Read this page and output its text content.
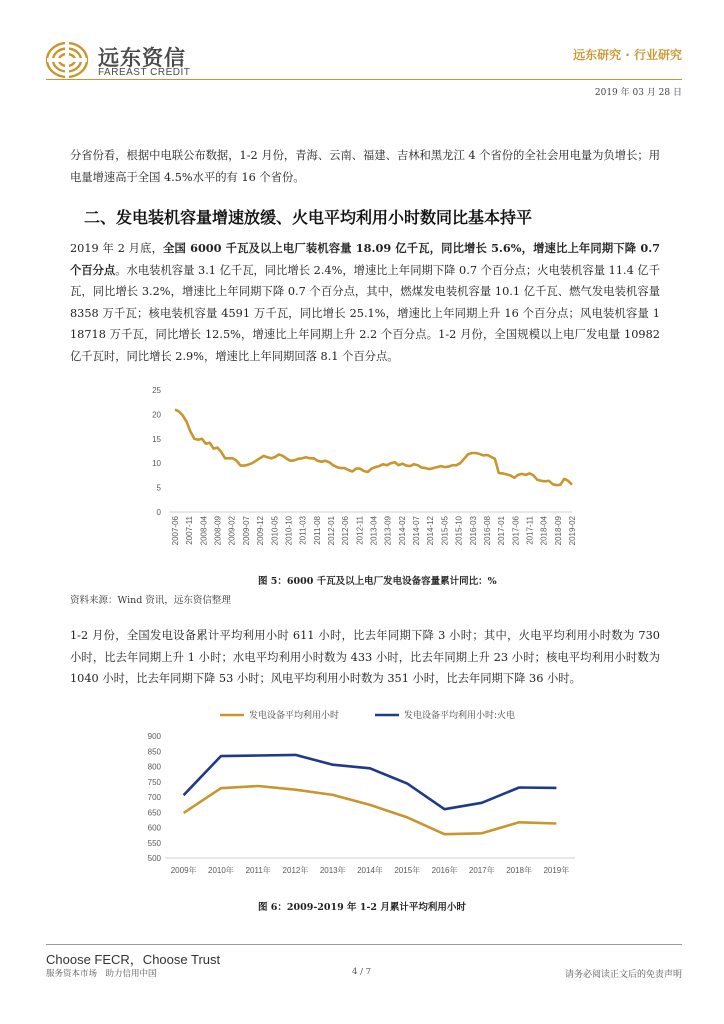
远东资信
FAREAST CREDIT
远东研究 · 行业研究
2019 年 03 月 28 日
分省份看，根据中电联公布数据，1-2 月份，青海、云南、福建、吉林和黑龙江 4 个省份的全社会用电量为负增长；用电量增速高于全国 4.5%水平的有 16 个省份。
二、发电装机容量增速放缓、火电平均利用小时数同比基本持平
2019 年 2 月底，全国 6000 千瓦及以上电厂装机容量 18.09 亿千瓦，同比增长 5.6%，增速比上年同期下降 0.7 个百分点。水电装机容量 3.1 亿千瓦，同比增长 2.4%，增速比上年同期下降 0.7 个百分点；火电装机容量 11.4 亿千瓦，同比增长 3.2%，增速比上年同期下降 0.7 个百分点，其中，燃煤发电装机容量 10.1 亿千瓦、燃气发电装机容量 8358 万千瓦；核电装机容量 4591 万千瓦，同比增长 25.1%，增速比上年同期上升 16 个百分点；风电装机容量 1 18718 万千瓦，同比增长 12.5%，增速比上年同期上升 2.2 个百分点。1-2 月份，全国规模以上电厂发电量 10982 亿千瓦时，同比增长 2.9%，增速比上年同期回落 8.1 个百分点。
0
5
10
15
20
25
2007-06 2007-11 2008-04 2008-09 2009-02 2009-07 2009-12 2010-05 2010-10 2011-03 2011-08 2012-01 2012-06 2012-11 2013-04 2013-09 2014-02 2014-07 2014-12 2015-05 2015-10 2016-03 2016-08 2017-01 2017-06 2017-11 2018-04 2018-09 2019-02
图 5：6000 千瓦及以上电厂发电设备容量累计同比：%
资料来源：Wind 资讯，远东资信整理
1-2 月份，全国发电设备累计平均利用小时 611 小时，比去年同期下降 3 小时；其中，火电平均利用小时数为 730 小时，比去年同期上升 1 小时；水电平均利用小时数为 433 小时，比去年同期上升 23 小时；核电平均利用小时数为 1040 小时，比去年同期下降 53 小时；风电平均利用小时数为 351 小时，比去年同期下降 36 小时。
500
550
600
650
700
750
800
850
900
2009年 2010年 2011年 2012年 2013年 2014年 2015年 2016年 2017年 2018年 2019年
发电设备平均利用小时	发电设备平均利用小时:火电
图 6：2009-2019 年 1-2 月累计平均利用小时
Choose FECR，Choose Trust
服务资本市场　助力信用中国	4 / 7	请务必阅读正文后的免责声明
